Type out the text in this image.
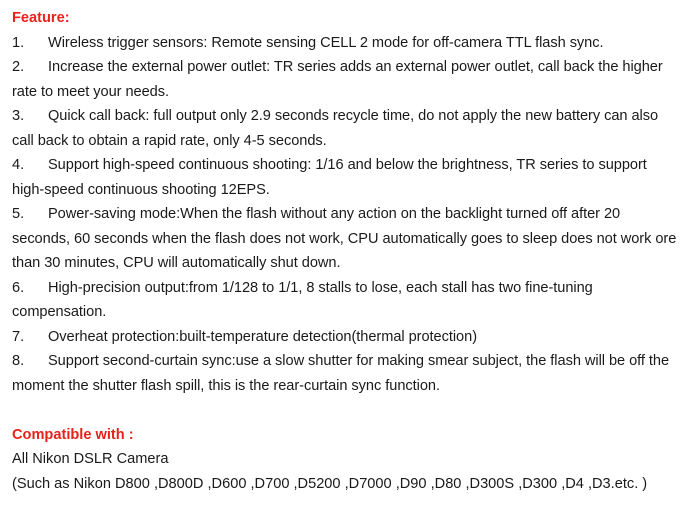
Feature:
1. Wireless trigger sensors: Remote sensing CELL 2 mode for off-camera TTL flash sync.
2. Increase the external power outlet: TR series adds an external power outlet, call back the higher rate to meet your needs.
3. Quick call back: full output only 2.9 seconds recycle time, do not apply the new battery can also call back to obtain a rapid rate, only 4-5 seconds.
4. Support high-speed continuous shooting: 1/16 and below the brightness, TR series to support high-speed continuous shooting 12EPS.
5. Power-saving mode:When the flash without any action on the backlight turned off after 20 seconds, 60 seconds when the flash does not work, CPU automatically goes to sleep does not work ore than 30 minutes, CPU will automatically shut down.
6. High-precision output:from 1/128 to 1/1, 8 stalls to lose, each stall has two fine-tuning compensation.
7. Overheat protection:built-temperature detection(thermal protection)
8. Support second-curtain sync:use a slow shutter for making smear subject, the flash will be off the moment the shutter flash spill, this is the rear-curtain sync function.
Compatible with :
All Nikon DSLR Camera
(Such as Nikon D800 ,D800D ,D600 ,D700 ,D5200 ,D7000 ,D90 ,D80 ,D300S ,D300 ,D4 ,D3.etc. )
